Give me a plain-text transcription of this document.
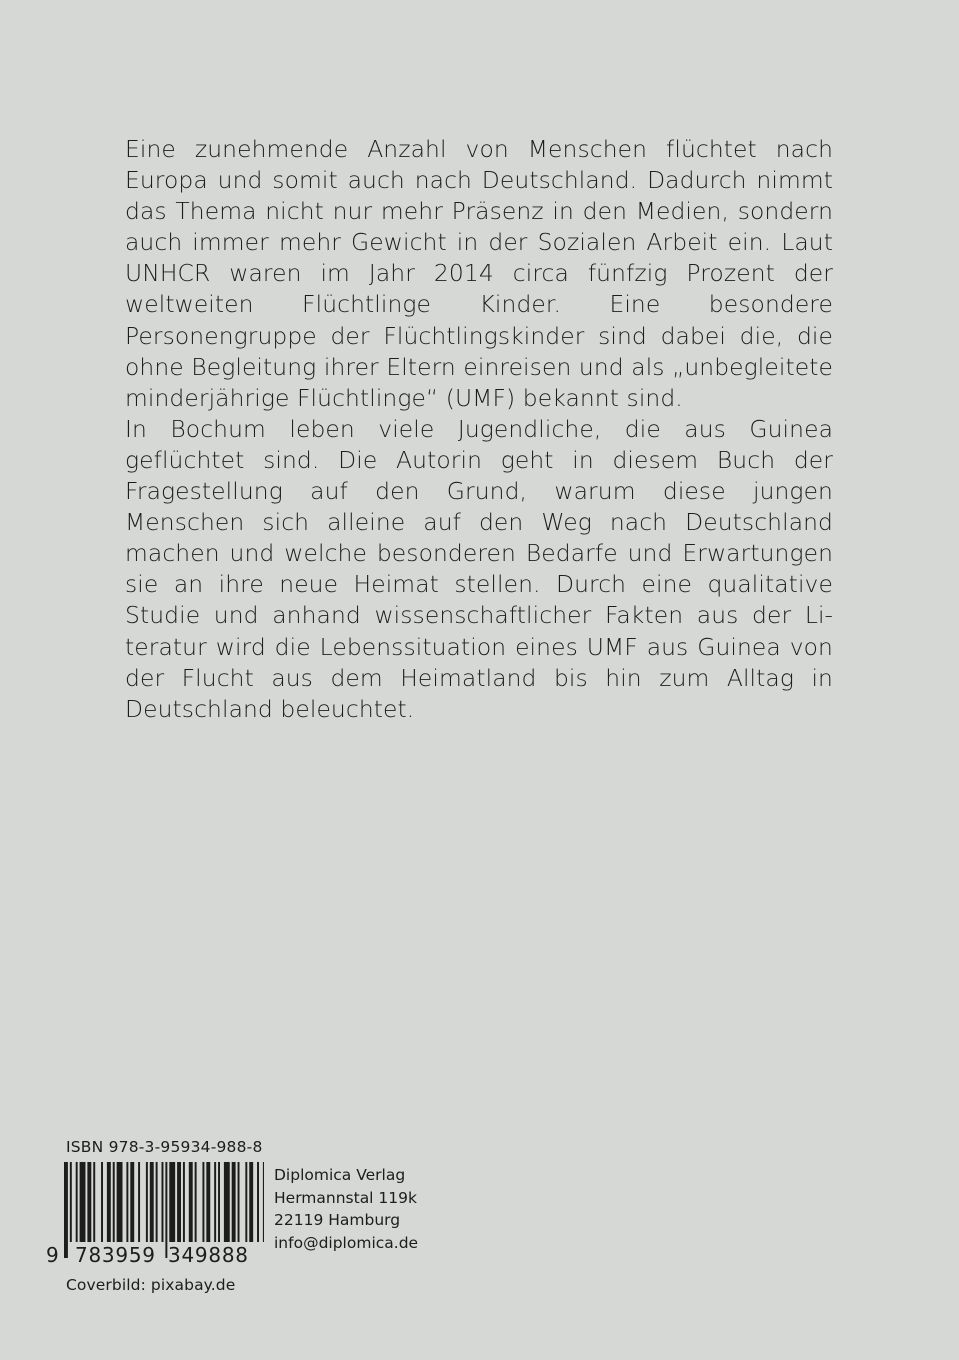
Eine zunehmende Anzahl von Menschen flüchtet nach Europa und somit auch nach Deutschland. Dadurch nimmt das Thema nicht nur mehr Präsenz in den Medien, sondern auch immer mehr Gewicht in der Sozialen Arbeit ein. Laut UNHCR waren im Jahr 2014 circa fünfzig Prozent der weltweiten Flüchtlinge Kinder. Eine besondere Personengruppe der Flüchtlingskinder sind dabei die, die ohne Begleitung ihrer Eltern einreisen und als „unbegleitete minderjährige Flüchtlinge“ (UMF) bekannt sind.

In Bochum leben viele Jugendliche, die aus Guinea geflüchtet sind. Die Autorin geht in diesem Buch der Fragestellung auf den Grund, warum diese jungen Menschen sich alleine auf den Weg nach Deutschland machen und welche besonderen Bedarfe und Erwartungen sie an ihre neue Heimat stellen. Durch eine qualitative Studie und anhand wissenschaftlicher Fakten aus der Literatur wird die Lebenssituation eines UMF aus Guinea von der Flucht aus dem Heimatland bis hin zum Alltag in Deutschland beleuchtet.

ISBN 978-3-95934-988-8
9 783959 349888
Diplomica Verlag
Hermannstal 119k
22119 Hamburg
info@diplomica.de
Coverbild: pixabay.de
